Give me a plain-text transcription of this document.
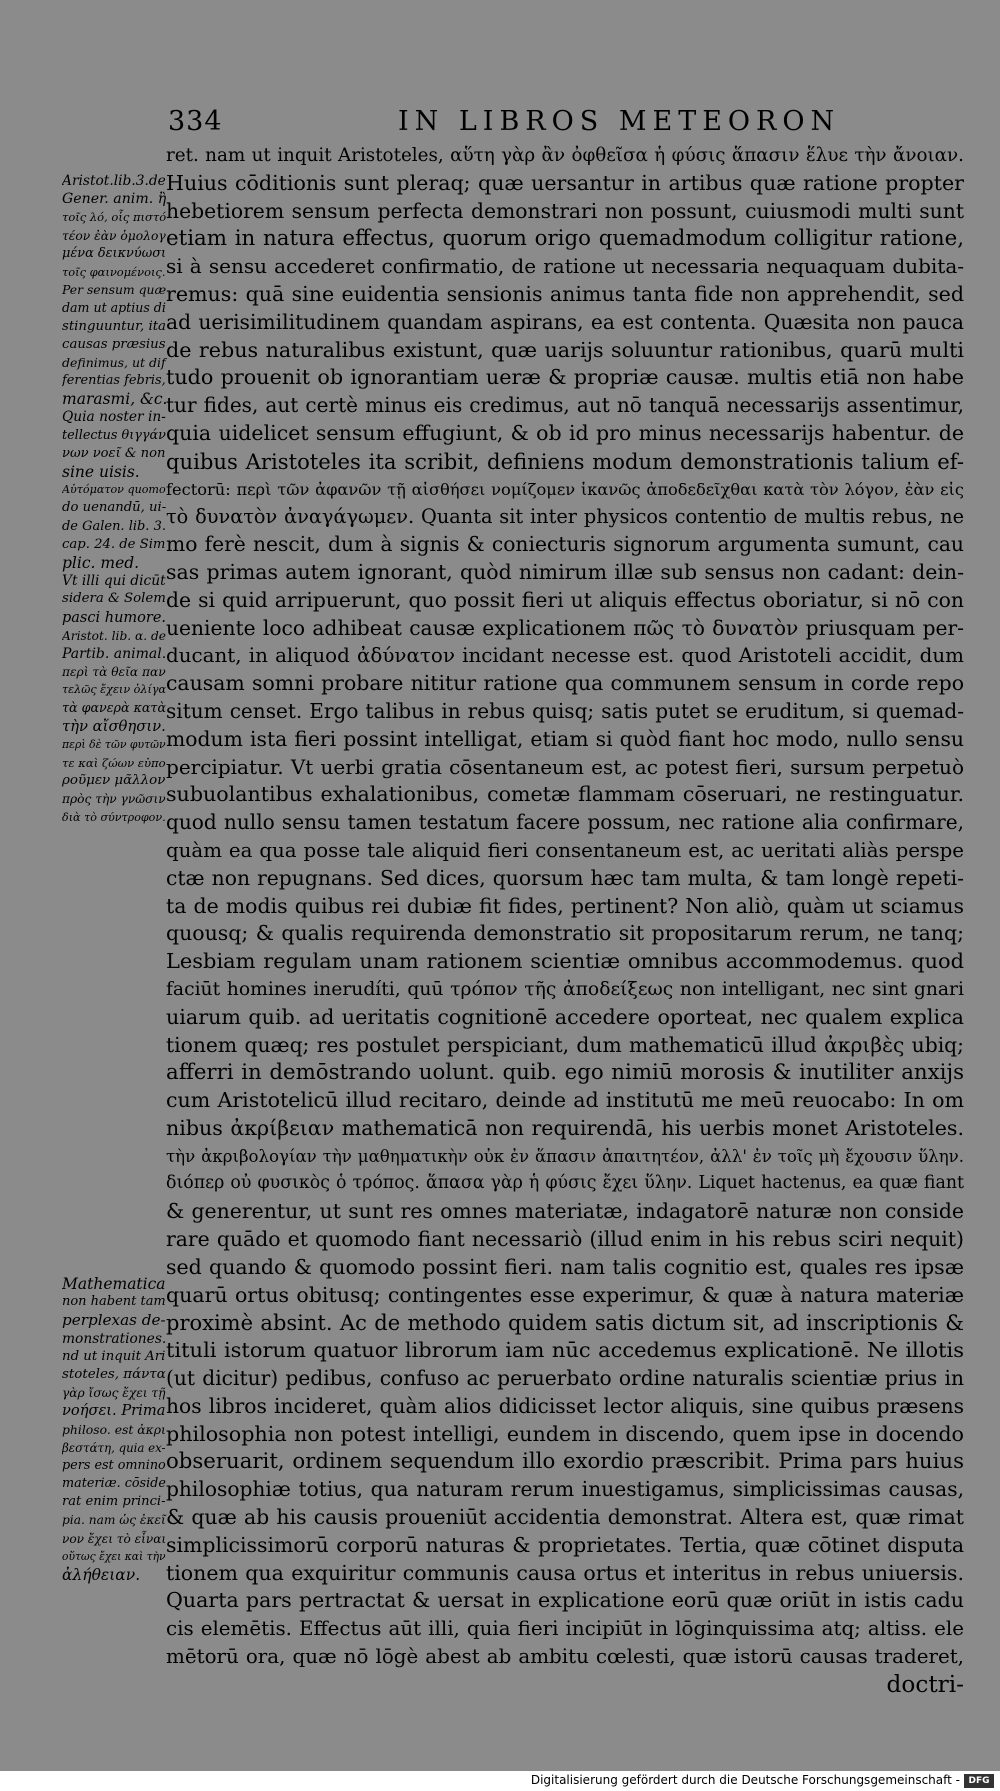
334	IN LIBROS METEORON
Aristot.lib.3.de
Gener. anim. ἢ
τοῖς λό, οἷς πιστό
τέον ἐὰν ὁμολογ
μένα δεικνύωσι
τοῖς φαινομένοις.
Per sensum quæ
dam ut aptius di
stinguuntur, ita
causas præsius
definimus, ut dif
ferentias febris,
marasmi, &c.
Quia noster in-
tellectus θιγγάν
νων νοεῖ & non
sine uisis.
Αὐτόματον quomo
do uenandū, ui-
de Galen. lib. 3.
cap. 24. de Sim
plic. med.
Vt illi qui dicūt
sidera & Solem
pasci humore.
Aristot. lib. α. de
Partib. animal.
περὶ τὰ θεῖα παν
τελῶς ἔχειν ὀλίγα
τὰ φανερὰ κατὰ
τὴν αἴσθησιν.
περὶ δὲ τῶν φυτῶν
τε καὶ ζώων εὐπο
ροῦμεν μᾶλλον
πρὸς τὴν γνῶσιν
διὰ τὸ σύντροφον.
Mathematica
non habent tam
perplexas de-
monstrationes.
nd ut inquit Ari
stoteles, πάντα
γὰρ ἴσως ἔχει τῇ
νοήσει. Prima
philoso. est ἀκρι
βεστάτη, quia ex-
pers est omnino
materiæ. cōside
rat enim princi-
pia. nam ὡς ἐκεῖ
νον ἔχει τὸ εἶναι
οὕτως ἔχει καὶ τὴν
ἀλήθειαν.
ret. nam ut inquit Aristoteles, αὕτη γὰρ ἂν ὀφθεῖσα ἡ φύσις ἅπασιν ἕλυε τὴν ἄνοιαν.
Huius cōditionis sunt pleraq; quæ uersantur in artibus quæ ratione propter
hebetiorem sensum perfecta demonstrari non possunt, cuiusmodi multi sunt
etiam in natura effectus, quorum origo quemadmodum colligitur ratione,
si à sensu accederet confirmatio, de ratione ut necessaria nequaquam dubita-
remus: quā sine euidentia sensionis animus tanta fide non apprehendit, sed
ad uerisimilitudinem quandam aspirans, ea est contenta. Quæsita non pauca
de rebus naturalibus existunt, quæ uarijs soluuntur rationibus, quarū multi
tudo prouenit ob ignorantiam ueræ & propriæ causæ. multis etiā non habe
tur fides, aut certè minus eis credimus, aut nō tanquā necessarijs assentimur,
quia uidelicet sensum effugiunt, & ob id pro minus necessarijs habentur. de
quibus Aristoteles ita scribit, definiens modum demonstrationis talium ef-
fectorū: περὶ τῶν ἀφανῶν τῇ αἰσθήσει νομίζομεν ἱκανῶς ἀποδεδεῖχθαι κατὰ τὸν λόγον, ἐὰν εἰς
τὸ δυνατὸν ἀναγάγωμεν. Quanta sit inter physicos contentio de multis rebus, ne
mo ferè nescit, dum à signis & coniecturis signorum argumenta sumunt, cau
sas primas autem ignorant, quòd nimirum illæ sub sensus non cadant: dein-
de si quid arripuerunt, quo possit fieri ut aliquis effectus oboriatur, si nō con
ueniente loco adhibeat causæ explicationem πῶς τὸ δυνατὸν priusquam per-
ducant, in aliquod ἀδύνατον incidant necesse est. quod Aristoteli accidit, dum
causam somni probare nititur ratione qua communem sensum in corde repo
situm censet. Ergo talibus in rebus quisq; satis putet se eruditum, si quemad-
modum ista fieri possint intelligat, etiam si quòd fiant hoc modo, nullo sensu
percipiatur. Vt uerbi gratia cōsentaneum est, ac potest fieri, sursum perpetuò
subuolantibus exhalationibus, cometæ flammam cōseruari, ne restinguatur.
quod nullo sensu tamen testatum facere possum, nec ratione alia confirmare,
quàm ea qua posse tale aliquid fieri consentaneum est, ac ueritati aliàs perspe
ctæ non repugnans. Sed dices, quorsum hæc tam multa, & tam longè repeti-
ta de modis quibus rei dubiæ fit fides, pertinent? Non aliò, quàm ut sciamus
quousq; & qualis requirenda demonstratio sit propositarum rerum, ne tanq;
Lesbiam regulam unam rationem scientiæ omnibus accommodemus. quod
faciūt homines inerudíti, quū τρόπον τῆς ἀποδείξεως non intelligant, nec sint gnari
uiarum quib. ad ueritatis cognitionē accedere oporteat, nec qualem explica
tionem quæq; res postulet perspiciant, dum mathematicū illud ἀκριβὲς ubiq;
afferri in demōstrando uolunt. quib. ego nimiū morosis & inutiliter anxijs
cum Aristotelicū illud recitaro, deinde ad institutū me meū reuocabo: In om
nibus ἀκρίβειαν mathematicā non requirendā, his uerbis monet Aristoteles.
τὴν ἀκριβολογίαν τὴν μαθηματικὴν οὐκ ἐν ἅπασιν ἀπαιτητέον, ἀλλ' ἐν τοῖς μὴ ἔχουσιν ὕλην.
διόπερ οὐ φυσικὸς ὁ τρόπος. ἅπασα γὰρ ἡ φύσις ἔχει ὕλην. Liquet hactenus, ea quæ fiant
& generentur, ut sunt res omnes materiatæ, indagatorē naturæ non conside
rare quādo et quomodo fiant necessariò (illud enim in his rebus sciri nequit)
sed quando & quomodo possint fieri. nam talis cognitio est, quales res ipsæ
quarū ortus obitusq; contingentes esse experimur, & quæ à natura materiæ
proximè absint. Ac de methodo quidem satis dictum sit, ad inscriptionis &
tituli istorum quatuor librorum iam nūc accedemus explicationē. Ne illotis
(ut dicitur) pedibus, confuso ac peruerbato ordine naturalis scientiæ prius in
hos libros incideret, quàm alios didicisset lector aliquis, sine quibus præsens
philosophia non potest intelligi, eundem in discendo, quem ipse in docendo
obseruarit, ordinem sequendum illo exordio præscribit. Prima pars huius
philosophiæ totius, qua naturam rerum inuestigamus, simplicissimas causas,
& quæ ab his causis proueniūt accidentia demonstrat. Altera est, quæ rimat
simplicissimorū corporū naturas & proprietates. Tertia, quæ cōtinet disputa
tionem qua exquiritur communis causa ortus et interitus in rebus uniuersis.
Quarta pars pertractat & uersat in explicatione eorū quæ oriūt in istis cadu
cis elemētis. Effectus aūt illi, quia fieri incipiūt in lōginquissima atq; altiss. ele
mētorū ora, quæ nō lōgè abest ab ambitu cœlesti, quæ istorū causas traderet,
doctri-
Digitalisierung gefördert durch die Deutsche Forschungsgemeinschaft - DFG
